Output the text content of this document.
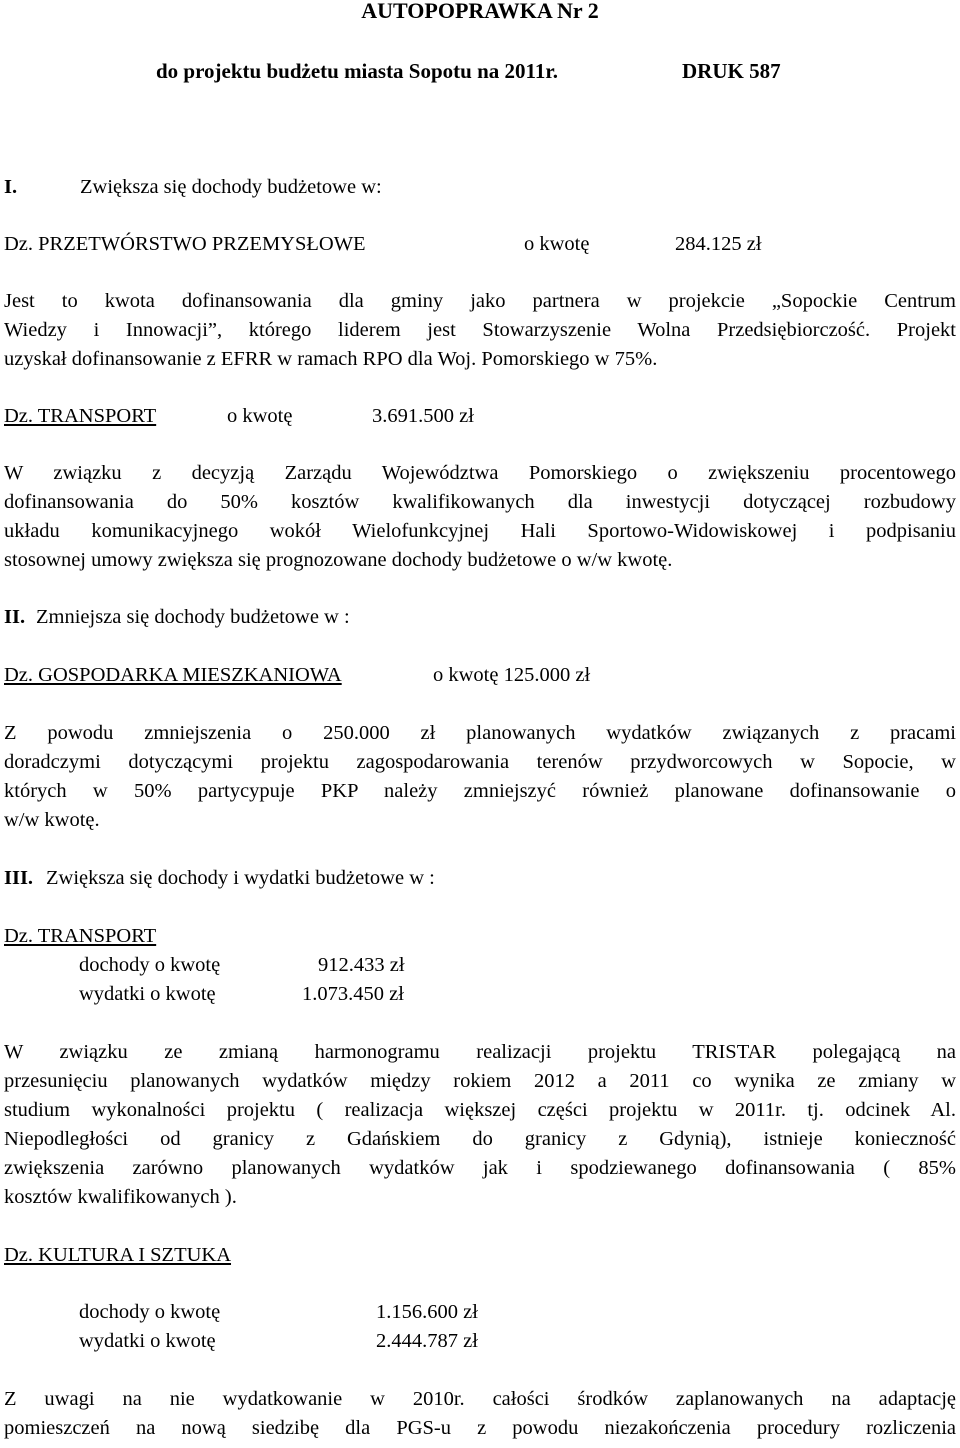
AUTOPOPRAWKA Nr 2
do projektu budżetu miasta Sopotu na 2011r.	DRUK 587
I.	Zwiększa się dochody budżetowe w:
Dz. PRZETWÓRSTWO PRZEMYSŁOWE	o kwotę	284.125 zł
Jest to kwota dofinansowania dla gminy jako partnera w projekcie „Sopockie Centrum
Wiedzy i Innowacji”, którego liderem jest Stowarzyszenie Wolna Przedsiębiorczość. Projekt
uzyskał dofinansowanie z EFRR w ramach RPO dla Woj. Pomorskiego w 75%.
Dz. TRANSPORT	o kwotę	3.691.500 zł
W związku z decyzją Zarządu Województwa Pomorskiego o zwiększeniu procentowego
dofinansowania do 50% kosztów kwalifikowanych dla inwestycji dotyczącej rozbudowy
układu komunikacyjnego wokół Wielofunkcyjnej Hali Sportowo-Widowiskowej i podpisaniu
stosownej umowy zwiększa się prognozowane dochody budżetowe o w/w kwotę.
II. Zmniejsza się dochody budżetowe w :
Dz. GOSPODARKA MIESZKANIOWA	o kwotę 125.000 zł
Z powodu zmniejszenia o 250.000 zł planowanych wydatków związanych z pracami
doradczymi dotyczącymi projektu zagospodarowania terenów przydworcowych w Sopocie, w
których w 50% partycypuje PKP należy zmniejszyć również planowane dofinansowanie o
w/w kwotę.
III. Zwiększa się dochody i wydatki budżetowe w :
Dz. TRANSPORT
dochody o kwotę	912.433 zł
wydatki o kwotę	1.073.450 zł
W związku ze zmianą harmonogramu realizacji projektu TRISTAR polegającą na
przesunięciu planowanych wydatków między rokiem 2012 a 2011 co wynika ze zmiany w
studium wykonalności projektu ( realizacja większej części projektu w 2011r. tj. odcinek Al.
Niepodległości od granicy z Gdańskiem do granicy z Gdynią), istnieje konieczność
zwiększenia zarówno planowanych wydatków jak i spodziewanego dofinansowania ( 85%
kosztów kwalifikowanych ).
Dz. KULTURA I SZTUKA
dochody o kwotę	1.156.600 zł
wydatki o kwotę	2.444.787 zł
Z uwagi na nie wydatkowanie w 2010r. całości środków zaplanowanych na adaptację
pomieszczeń na nową siedzibę dla PGS-u z powodu niezakończenia procedury rozliczenia
